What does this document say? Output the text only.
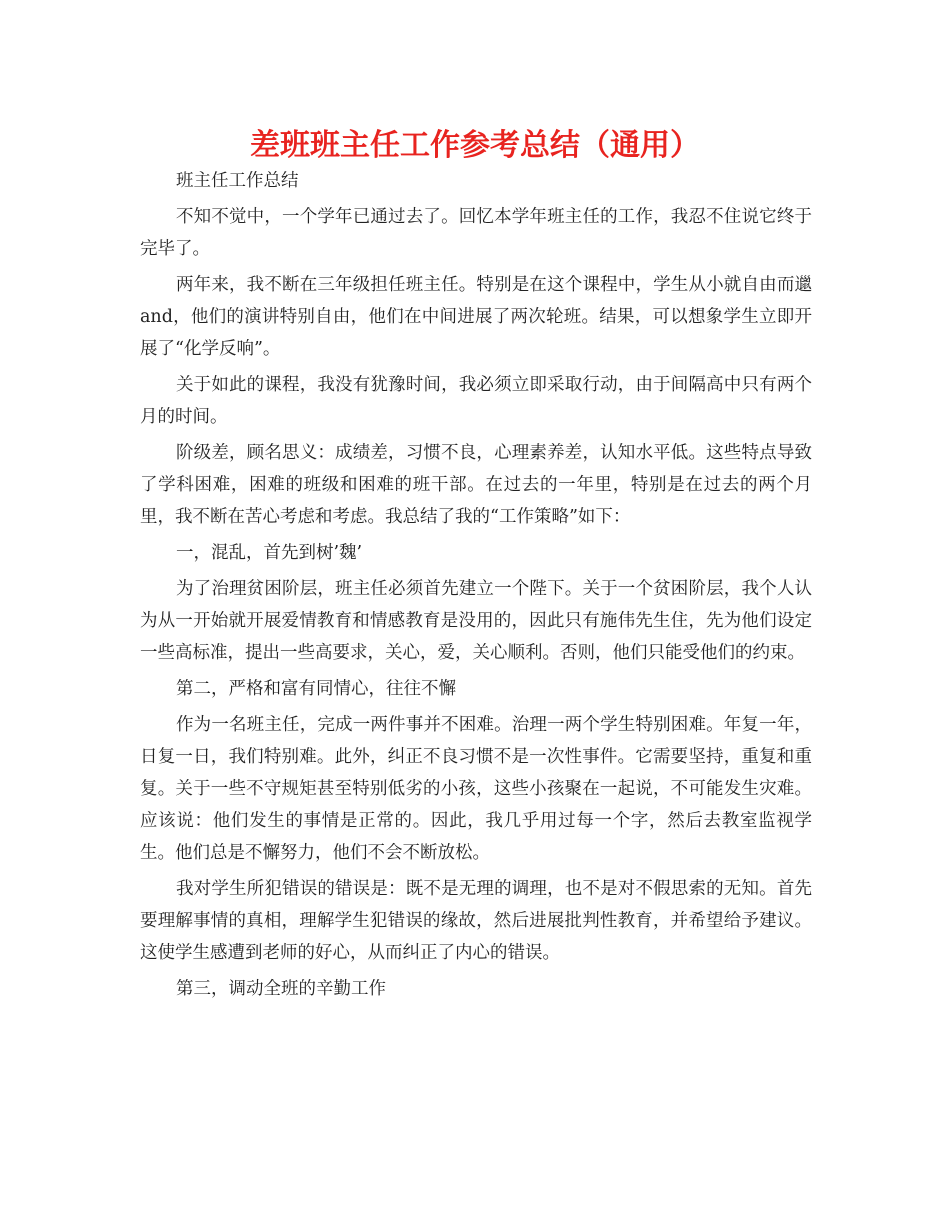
差班班主任工作参考总结（通用）

班主任工作总结

不知不觉中，一个学年已通过去了。回忆本学年班主任的工作，我忍不住说它终于完毕了。

两年来，我不断在三年级担任班主任。特别是在这个课程中，学生从小就自由而邋and，他们的演讲特别自由，他们在中间进展了两次轮班。结果，可以想象学生立即开展了“化学反响”。

关于如此的课程，我没有犹豫时间，我必须立即采取行动，由于间隔高中只有两个月的时间。

阶级差，顾名思义：成绩差，习惯不良，心理素养差，认知水平低。这些特点导致了学科困难，困难的班级和困难的班干部。在过去的一年里，特别是在过去的两个月里，我不断在苦心考虑和考虑。我总结了我的“工作策略”如下：

一，混乱，首先到树’魏’

为了治理贫困阶层，班主任必须首先建立一个陛下。关于一个贫困阶层，我个人认为从一开始就开展爱情教育和情感教育是没用的，因此只有施伟先生住，先为他们设定一些高标准，提出一些高要求，关心，爱，关心顺利。否则，他们只能受他们的约束。

第二，严格和富有同情心，往往不懈

作为一名班主任，完成一两件事并不困难。治理一两个学生特别困难。年复一年，日复一日，我们特别难。此外，纠正不良习惯不是一次性事件。它需要坚持，重复和重复。关于一些不守规矩甚至特别低劣的小孩，这些小孩聚在一起说，不可能发生灾难。应该说：他们发生的事情是正常的。因此，我几乎用过每一个字，然后去教室监视学生。他们总是不懈努力，他们不会不断放松。

我对学生所犯错误的错误是：既不是无理的调理，也不是对不假思索的无知。首先要理解事情的真相，理解学生犯错误的缘故，然后进展批判性教育，并希望给予建议。这使学生感遭到老师的好心，从而纠正了内心的错误。

第三，调动全班的辛勤工作
